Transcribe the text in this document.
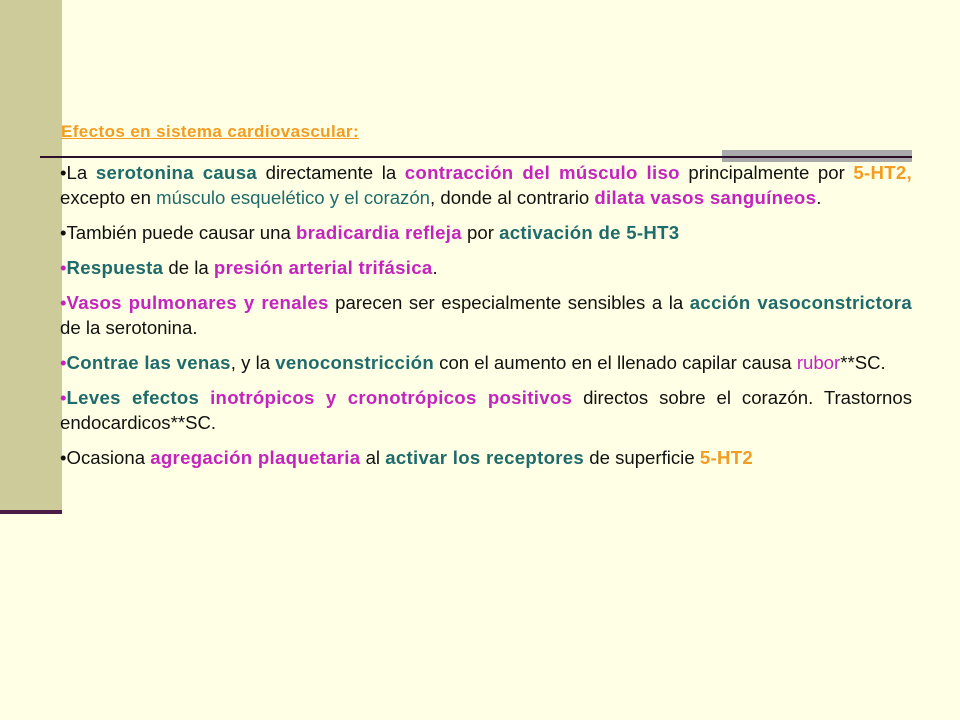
Efectos en sistema cardiovascular:

•La serotonina causa directamente la contracción del músculo liso principalmente por 5-HT2, excepto en músculo esquelético y el corazón, donde al contrario dilata vasos sanguíneos.

•También puede causar una bradicardia refleja por activación de 5-HT3

•Respuesta de la presión arterial trifásica.

•Vasos pulmonares y renales parecen ser especialmente sensibles a la acción vasoconstrictora de la serotonina.

•Contrae las venas, y la venoconstricción con el aumento en el llenado capilar causa rubor**SC.

•Leves efectos inotrópicos y cronotrópicos positivos directos sobre el corazón. Trastornos endocardicos**SC.

•Ocasiona agregación plaquetaria al activar los receptores de superficie 5-HT2
